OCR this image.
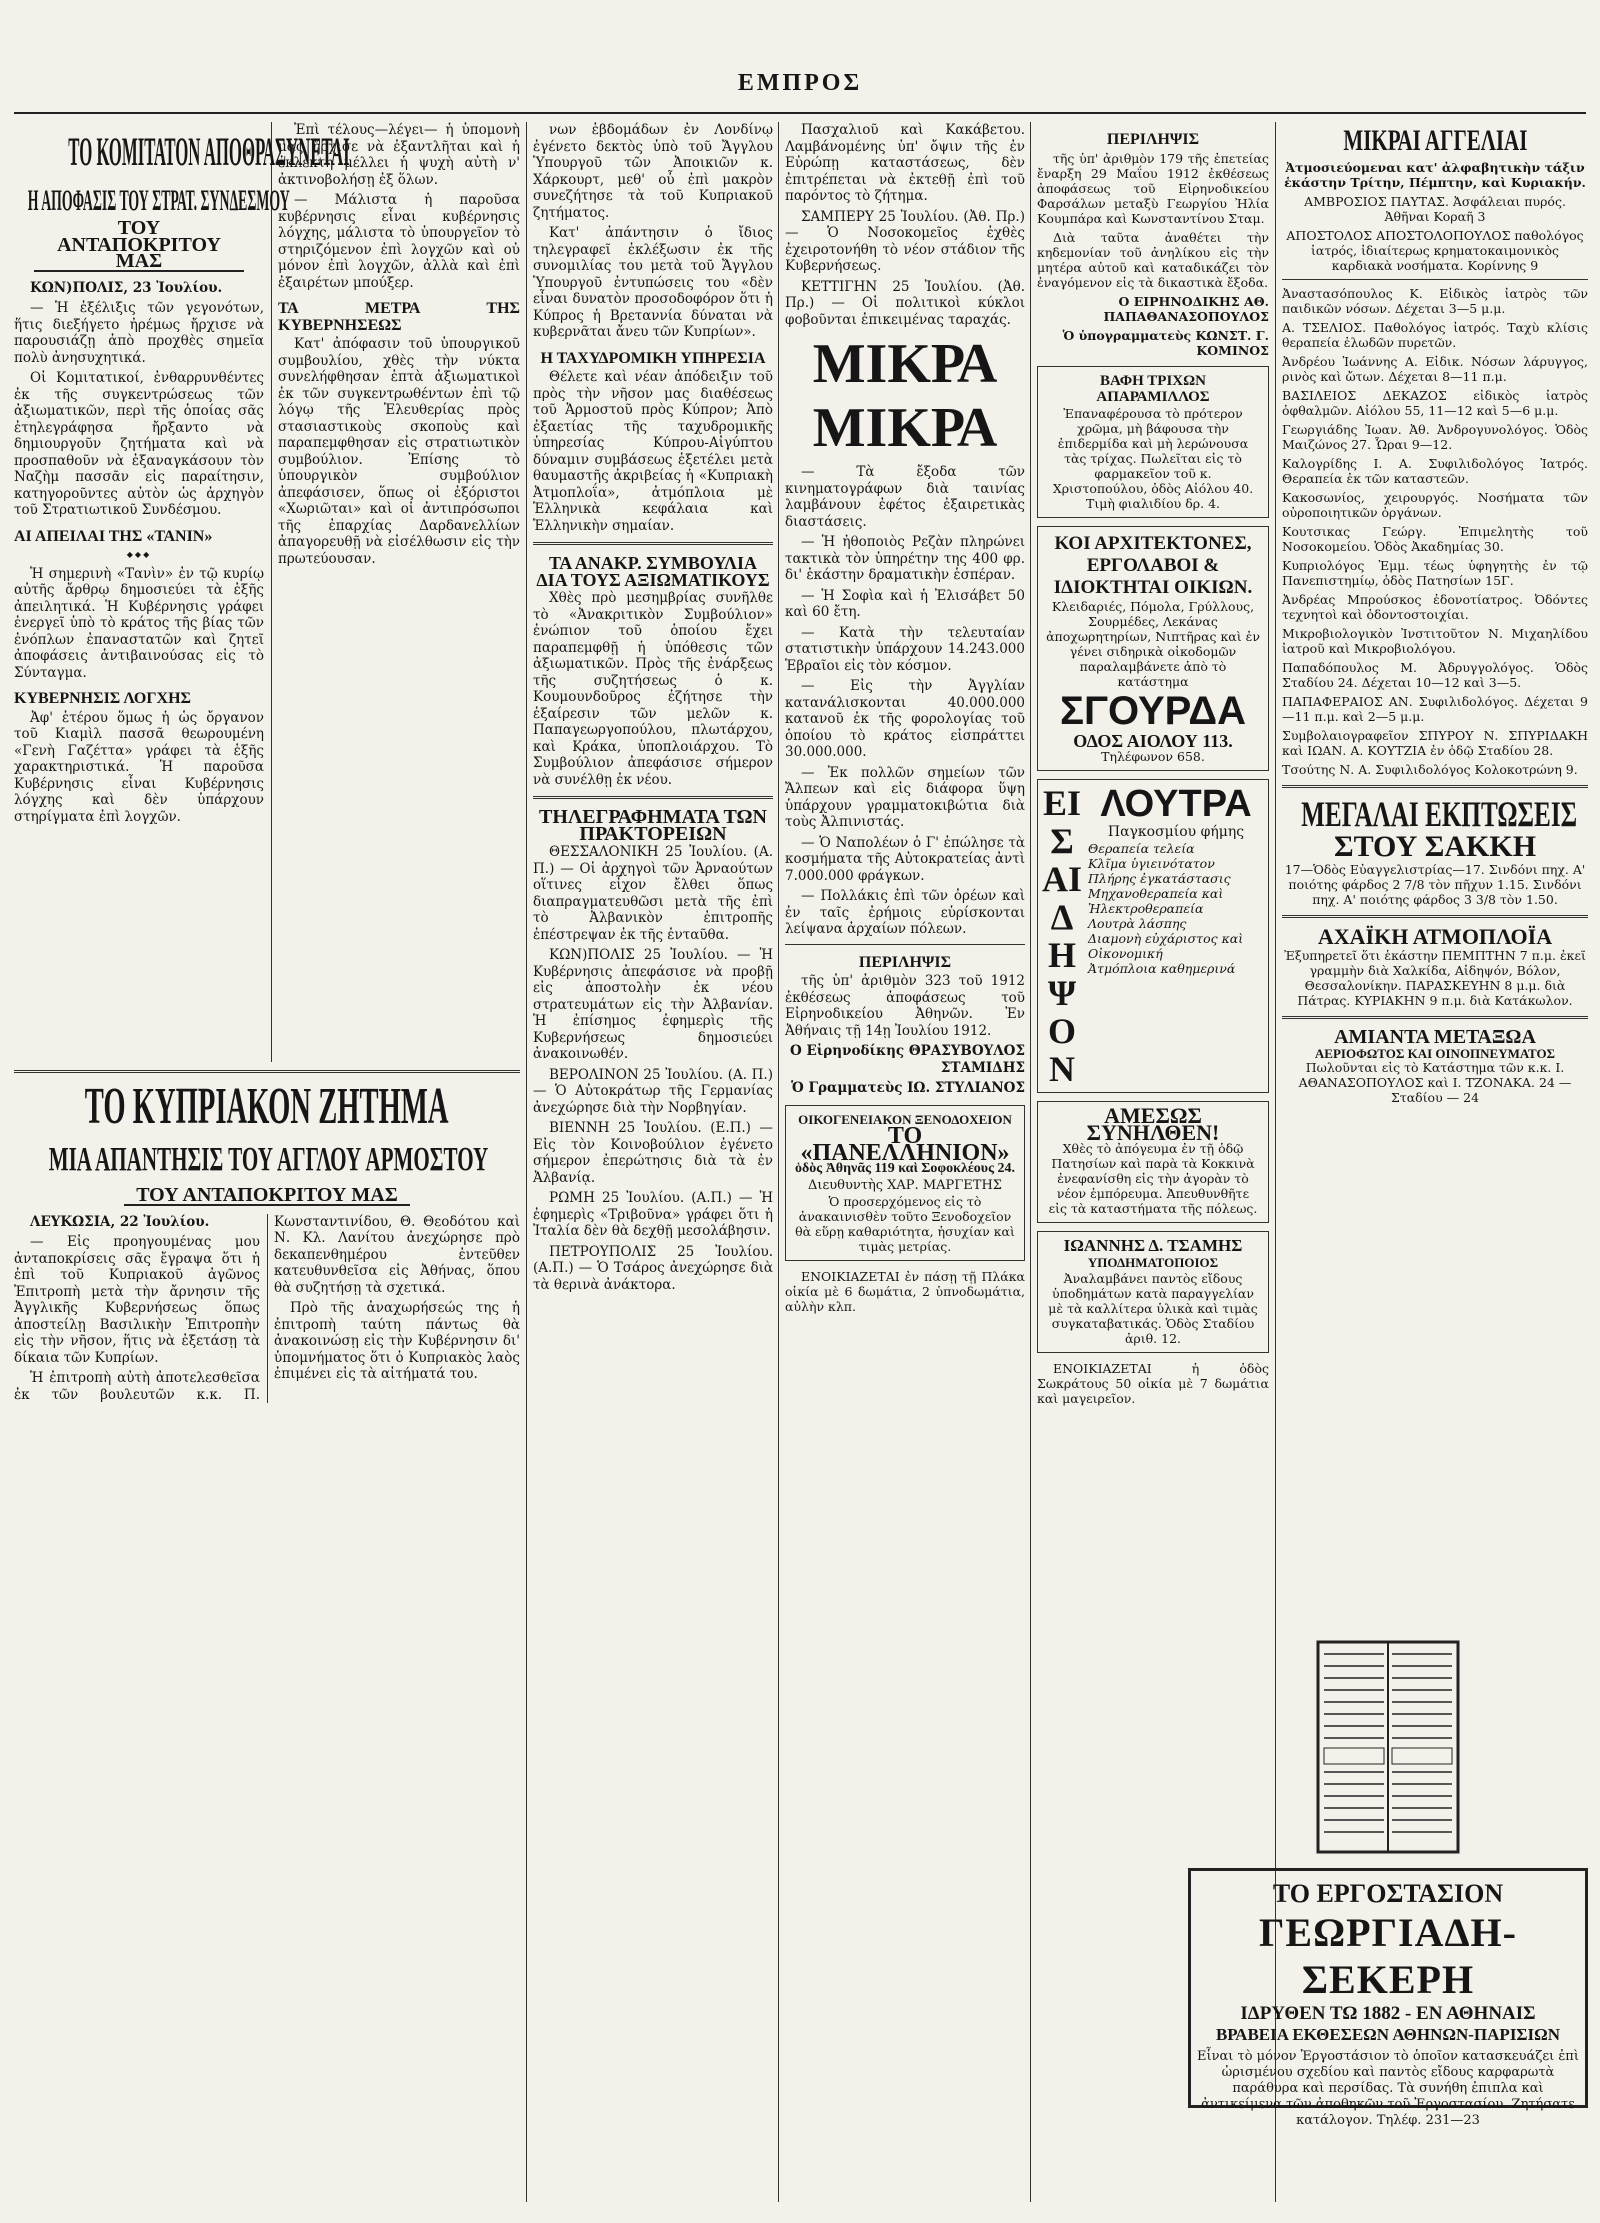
ΕΜΠΡΟΣ
ΤΟ ΚΟΜΙΤΑΤΟΝ ΑΠΟΘΡΑΣΥΝΕΤΑΙ
Η ΑΠΟΦΑΣΙΣ ΤΟΥ ΣΤΡΑΤ. ΣΥΝΔΕΣΜΟΥ
ΤΟΥ ΑΝΤΑΠΟΚΡΙΤΟΥ ΜΑΣ

ΚΩΝ)ΠΟΛΙΣ, 23 Ἰουλίου.

— Ἡ ἐξέλιξις τῶν γεγονότων, ἥτις διεξήγετο ἠρέμως ἤρχισε νὰ παρουσιάζῃ ἀπὸ προχθὲς σημεῖα πολὺ ἀνησυχητικά.

Οἱ Κομιτατικοί, ἐνθαρρυνθέντες ἐκ τῆς συγκεντρώσεως τῶν ἀξιωματικῶν, περὶ τῆς ὁποίας σᾶς ἐτηλεγράφησα ἤρξαντο νὰ δημιουργοῦν ζητήματα καὶ νὰ προσπαθοῦν νὰ ἐξαναγκάσουν τὸν Ναζὴμ πασσᾶν εἰς παραίτησιν, κατηγοροῦντες αὐτὸν ὡς ἀρχηγὸν τοῦ Στρατιωτικοῦ Συνδέσμου.

ΑΙ ΑΠΕΙΛΑΙ ΤΗΣ «ΤΑΝΙΝ»
◆◆◆

Ἡ σημερινὴ «Τανὶν» ἐν τῷ κυρίῳ αὐτῆς ἄρθρῳ δημοσιεύει τὰ ἑξῆς ἀπειλητικά. Ἡ Κυβέρνησις γράφει ἐνεργεῖ ὑπὸ τὸ κράτος τῆς βίας τῶν ἐνόπλων ἐπαναστατῶν καὶ ζητεῖ ἀποφάσεις ἀντιβαινούσας εἰς τὸ Σύνταγμα.

ΚΥΒΕΡΝΗΣΙΣ ΛΟΓΧΗΣ

Ἀφ' ἑτέρου ὅμως ἡ ὡς ὄργανον τοῦ Κιαμὶλ πασσᾶ θεωρουμένη «Γενὴ Γαζέττα» γράφει τὰ ἑξῆς χαρακτηριστικά. Ἡ παροῦσα Κυβέρνησις εἶναι Κυβέρνησις λόγχης καὶ δὲν ὑπάρχουν στηρίγματα ἐπὶ λογχῶν.

Ἐπὶ τέλους—λέγει— ἡ ὑπομονὴ μας ἤρχισε νὰ ἐξαντλῆται καὶ ἡ ἐκλέκτη μέλλει ἡ ψυχὴ αὐτὴ ν' ἀκτινοβολήσῃ ἐξ ὅλων.

— Μάλιστα ἡ παροῦσα κυβέρνησις εἶναι κυβέρνησις λόγχης, μάλιστα τὸ ὑπουργεῖον τὸ στηριζόμενον ἐπὶ λογχῶν καὶ οὐ μόνον ἐπὶ λογχῶν, ἀλλὰ καὶ ἐπὶ ἐξαιρέτων μπούξερ.

ΤΑ ΜΕΤΡΑ ΤΗΣ ΚΥΒΕΡΝΗΣΕΩΣ

Κατ' ἀπόφασιν τοῦ ὑπουργικοῦ συμβουλίου, χθὲς τὴν νύκτα συνελήφθησαν ἑπτὰ ἀξιωματικοὶ ἐκ τῶν συγκεντρωθέντων ἐπὶ τῷ λόγῳ τῆς Ἑλευθερίας πρὸς στασιαστικοὺς σκοποὺς καὶ παραπεμφθησαν εἰς στρατιωτικὸν συμβούλιον. Ἐπίσης τὸ ὑπουργικὸν συμβούλιον ἀπεφάσισεν, ὅπως οἱ ἐξόριστοι «Χωριῶται» καὶ οἱ ἀντιπρόσωποι τῆς ἐπαρχίας Δαρδανελλίων ἀπαγορευθῇ νὰ εἰσέλθωσιν εἰς τὴν πρωτεύουσαν.

ΤΟ ΚΥΠΡΙΑΚΟΝ ΖΗΤΗΜΑ
ΜΙΑ ΑΠΑΝΤΗΣΙΣ ΤΟΥ ΑΓΓΛΟΥ ΑΡΜΟΣΤΟΥ
ΤΟΥ ΑΝΤΑΠΟΚΡΙΤΟΥ ΜΑΣ

ΛΕΥΚΩΣΙΑ, 22 Ἰουλίου.

— Εἰς προηγουμένας μου ἀνταποκρίσεις σᾶς ἔγραψα ὅτι ἡ ἐπὶ τοῦ Κυπριακοῦ ἀγῶνος Ἐπιτροπὴ μετὰ τὴν ἄρνησιν τῆς Ἀγγλικῆς Κυβερνήσεως ὅπως ἀποστείλῃ Βασιλικὴν Ἐπιτροπὴν εἰς τὴν νῆσον, ἥτις νὰ ἐξετάσῃ τὰ δίκαια τῶν Κυπρίων.

Ἡ ἐπιτροπὴ αὐτὴ ἀποτελεσθεῖσα ἐκ τῶν βουλευτῶν κ.κ. Π. Κωνσταντινίδου, Θ. Θεοδότου καὶ Ν. Κλ. Λανίτου ἀνεχώρησε πρὸ δεκαπενθημέρου ἐντεῦθεν κατευθυνθεῖσα εἰς Ἀθήνας, ὅπου θὰ συζητήσῃ τὰ σχετικά.

Πρὸ τῆς ἀναχωρήσεώς της ἡ ἐπιτροπὴ ταύτη πάντως θὰ ἀνακοινώσῃ εἰς τὴν Κυβέρνησιν δι' ὑπομνήματος ὅτι ὁ Κυπριακὸς λαὸς ἐπιμένει εἰς τὰ αἰτήματά του.

νων ἑβδομάδων ἐν Λονδίνῳ ἐγένετο δεκτὸς ὑπὸ τοῦ Ἄγγλου Ὑπουργοῦ τῶν Ἀποικιῶν κ. Χάρκουρτ, μεθ' οὗ ἐπὶ μακρὸν συνεζήτησε τὰ τοῦ Κυπριακοῦ ζητήματος.

Κατ' ἀπάντησιν ὁ ἴδιος τηλεγραφεῖ ἐκλέξωσιν ἐκ τῆς συνομιλίας του μετὰ τοῦ Ἄγγλου Ὑπουργοῦ ἐντυπώσεις του «δὲν εἶναι δυνατὸν προσοδοφόρον ὅτι ἡ Κύπρος ἡ Βρεταννία δύναται νὰ κυβερνᾶται ἄνευ τῶν Κυπρίων».

Η ΤΑΧΥΔΡΟΜΙΚΗ ΥΠΗΡΕΣΙΑ

Θέλετε καὶ νέαν ἀπόδειξιν τοῦ πρὸς τὴν νῆσον μας διαθέσεως τοῦ Ἁρμοστοῦ πρὸς Κύπρον; Ἀπὸ ἐξαετίας τῆς ταχυδρομικῆς ὑπηρεσίας Κύπρου-Αἰγύπτου δύναμιν συμβάσεως ἐξετέλει μετὰ θαυμαστῆς ἀκριβείας ἡ «Κυπριακὴ Ἀτμοπλοΐα», ἀτμόπλοια μὲ Ἑλληνικὰ κεφάλαια καὶ Ἑλληνικὴν σημαίαν.

ΤΑ ΑΝΑΚΡ. ΣΥΜΒΟΥΛΙΑ ΔΙΑ ΤΟΥΣ ΑΞΙΩΜΑΤΙΚΟΥΣ

Χθὲς πρὸ μεσημβρίας συνῆλθε τὸ «Ἀνακριτικὸν Συμβούλιον» ἐνώπιον τοῦ ὁποίου ἔχει παραπεμφθῇ ἡ ὑπόθεσις τῶν ἀξιωματικῶν. Πρὸς τῆς ἐνάρξεως τῆς συζητήσεως ὁ κ. Κουμουνδοῦρος ἐζήτησε τὴν ἐξαίρεσιν τῶν μελῶν κ. Παπαγεωργοπούλου, πλωτάρχου, καὶ Κράκα, ὑποπλοιάρχου. Τὸ Συμβούλιον ἀπεφάσισε σήμερον νὰ συνέλθῃ ἐκ νέου.

ΤΗΛΕΓΡΑΦΗΜΑΤΑ ΤΩΝ ΠΡΑΚΤΟΡΕΙΩΝ

ΘΕΣΣΑΛΟΝΙΚΗ 25 Ἰουλίου. (Α. Π.) — Οἱ ἀρχηγοὶ τῶν Ἀρναούτων οἵτινες εἶχον ἔλθει ὅπως διαπραγματευθῶσι μετὰ τῆς ἐπὶ τὸ Ἀλβανικὸν ἐπιτροπῆς ἐπέστρεψαν ἐκ τῆς ἐνταῦθα.

ΚΩΝ)ΠΟΛΙΣ 25 Ἰουλίου. — Ἡ Κυβέρνησις ἀπεφάσισε νὰ προβῇ εἰς ἀποστολὴν ἐκ νέου στρατευμάτων εἰς τὴν Ἀλβανίαν. Ἡ ἐπίσημος ἐφημερὶς τῆς Κυβερνήσεως δημοσιεύει ἀνακοινωθέν.

ΒΕΡΟΛΙΝΟΝ 25 Ἰουλίου. (Α. Π.) — Ὁ Αὐτοκράτωρ τῆς Γερμανίας ἀνεχώρησε διὰ τὴν Νορβηγίαν.

ΒΙΕΝΝΗ 25 Ἰουλίου. (Ε.Π.) — Εἰς τὸν Κοινοβούλιον ἐγένετο σήμερον ἐπερώτησις διὰ τὰ ἐν Ἀλβανίᾳ.

ΡΩΜΗ 25 Ἰουλίου. (Α.Π.) — Ἡ ἐφημερὶς «Τριβοῦνα» γράφει ὅτι ἡ Ἰταλία δὲν θὰ δεχθῇ μεσολάβησιν.

ΠΕΤΡΟΥΠΟΛΙΣ 25 Ἰουλίου. (Α.Π.) — Ὁ Τσάρος ἀνεχώρησε διὰ τὰ θερινὰ ἀνάκτορα.

Πασχαλιοῦ καὶ Κακάβετου. Λαμβάνομένης ὑπ' ὄψιν τῆς ἐν Εὐρώπῃ καταστάσεως, δὲν ἐπιτρέπεται νὰ ἐκτεθῇ ἐπὶ τοῦ παρόντος τὸ ζήτημα.

ΣΑΜΠΕΡΥ 25 Ἰουλίου. (Ἀθ. Πρ.) — Ὁ Νοσοκομεῖος ἐχθὲς ἐχειροτονήθη τὸ νέον στάδιον τῆς Κυβερνήσεως.

ΚΕΤΤΙΓΗΝ 25 Ἰουλίου. (Ἀθ. Πρ.) — Οἱ πολιτικοὶ κύκλοι φοβοῦνται ἐπικειμένας ταραχάς.

ΜΙΚΡΑ
ΜΙΚΡΑ

— Τὰ ἔξοδα τῶν κινηματογράφων διὰ ταινίας λαμβάνουν ἐφέτος ἐξαιρετικὰς διαστάσεις.

— Ἡ ἠθοποιὸς Ρεζὰν πληρώνει τακτικὰ τὸν ὑπηρέτην της 400 φρ. δι' ἑκάστην δραματικὴν ἑσπέραν.

— Ἡ Σοφὶα καὶ ἡ Ἐλισάβετ 50 καὶ 60 ἔτη.

— Κατὰ τὴν τελευταίαν στατιστικὴν ὑπάρχουν 14.243.000 Ἑβραῖοι εἰς τὸν κόσμον.

— Εἰς τὴν Ἀγγλίαν κατανάλισκονται 40.000.000 κατανοῦ ἐκ τῆς φορολογίας τοῦ ὁποίου τὸ κράτος εἰσπράττει 30.000.000.

— Ἐκ πολλῶν σημείων τῶν Ἄλπεων καὶ εἰς διάφορα ὕψη ὑπάρχουν γραμματοκιβώτια διὰ τοὺς Ἀλπινιστάς.

— Ὁ Ναπολέων ὁ Γ' ἐπώλησε τὰ κοσμήματα τῆς Αὐτοκρατείας ἀντὶ 7.000.000 φράγκων.

— Πολλάκις ἐπὶ τῶν ὀρέων καὶ ἐν ταῖς ἐρήμοις εὑρίσκονται λείψανα ἀρχαίων πόλεων.

ΠΕΡΙΛΗΨΙΣ

τῆς ὑπ' ἀριθμὸν 323 τοῦ 1912 ἐκθέσεως ἀποφάσεως τοῦ Εἰρηνοδικείου Ἀθηνῶν. Ἐν Ἀθήναις τῇ 14ῃ Ἰουλίου 1912.

Ο Εἰρηνοδίκης ΘΡΑΣΥΒΟΥΛΟΣ ΣΤΑΜΙΔΗΣ
Ὁ Γραμματεὺς ΙΩ. ΣΤΥΛΙΑΝΟΣ
ΟΙΚΟΓΕΝΕΙΑΚΟΝ ΞΕΝΟΔΟΧΕΙΟΝ
ΤΟ «ΠΑΝΕΛΛΗΝΙΟΝ»
ὁδὸς Ἀθηνᾶς 119 καὶ Σοφοκλέους 24.
Διευθυντὴς ΧΑΡ. ΜΑΡΓΕΤΗΣ
Ὁ προσερχόμενος εἰς τὸ ἀνακαινισθὲν τοῦτο Ξενοδοχεῖον θὰ εὕρῃ καθαριότητα, ἡσυχίαν καὶ τιμὰς μετρίας.

ΕΝΟΙΚΙΑΖΕΤΑΙ ἐν πάσῃ τῇ Πλάκα οἰκία μὲ 6 δωμάτια, 2 ὑπνοδωμάτια, αὐλὴν κλπ.

ΠΕΡΙΛΗΨΙΣ

τῆς ὑπ' ἀριθμὸν 179 τῆς ἐπετείας ἔναρξη 29 Μαΐου 1912 ἐκθέσεως ἀποφάσεως τοῦ Εἰρηνοδικείου Φαρσάλων μεταξὺ Γεωργίου Ἠλία Κουμπάρα καὶ Κωνσταντίνου Σταμ.

Διὰ ταῦτα ἀναθέτει τὴν κηδεμονίαν τοῦ ἀνηλίκου εἰς τὴν μητέρα αὐτοῦ καὶ καταδικάζει τὸν ἐναγόμενον εἰς τὰ δικαστικὰ ἔξοδα.

Ο ΕΙΡΗΝΟΔΙΚΗΣ ΑΘ. ΠΑΠΑΘΑΝΑΣΟΠΟΥΛΟΣ
Ὁ ὑπογραμματεὺς ΚΩΝΣΤ. Γ. ΚΟΜΙΝΟΣ
ΒΑΦΗ ΤΡΙΧΩΝ ΑΠΑΡΑΜΙΛΛΟΣ
Ἐπαναφέρουσα τὸ πρότερον χρῶμα, μὴ βάφουσα τὴν ἐπιδερμίδα καὶ μὴ λερώνουσα τὰς τρίχας. Πωλεῖται εἰς τὸ φαρμακεῖον τοῦ κ. Χριστοπούλου, ὁδὸς Αἰόλου 40. Τιμὴ φιαλιδίου δρ. 4.
ΚΟΙ ΑΡΧΙΤΕΚΤΟΝΕΣ, ΕΡΓΟΛΑΒΟΙ & ΙΔΙΟΚΤΗΤΑΙ ΟΙΚΙΩΝ.
Κλειδαριές, Πόμολα, Γρύλλους, Σουρμέδες, Λεκάνας ἀποχωρητηρίων, Νιπτῆρας καὶ ἐν γένει σιδηρικὰ οἰκοδομῶν παραλαμβάνετε ἀπὸ τὸ κατάστημα
ΣΓΟΥΡΔΑ
ΟΔΟΣ ΑΙΟΛΟΥ 113.
Τηλέφωνον 658.
ΕΙΣ ΑΙΔΗΨΟΝ
ΛΟΥΤΡΑ
Παγκοσμίου φήμης
Θεραπεία τελεία
Κλῖμα ὑγιεινότατον
Πλήρης ἐγκατάστασις
Μηχανοθεραπεία καὶ Ἠλεκτροθεραπεία
Λουτρὰ λάσπης
Διαμονὴ εὐχάριστος καὶ Οἰκονομική
Ἀτμόπλοια καθημερινά
ΑΜΕΣΩΣ ΣΥΝΗΛΘΕΝ!
Χθὲς τὸ ἀπόγευμα ἐν τῇ ὁδῷ Πατησίων καὶ παρὰ τὰ Κοκκινὰ ἐνεφανίσθη εἰς τὴν ἀγορὰν τὸ νέον ἐμπόρευμα. Ἀπευθυνθῆτε εἰς τὰ καταστήματα τῆς πόλεως.
ΙΩΑΝΝΗΣ Δ. ΤΣΑΜΗΣ
ΥΠΟΔΗΜΑΤΟΠΟΙΟΣ
Ἀναλαμβάνει παντὸς εἴδους ὑποδημάτων κατὰ παραγγελίαν μὲ τὰ καλλίτερα ὑλικὰ καὶ τιμὰς συγκαταβατικάς. Ὁδὸς Σταδίου ἀριθ. 12.

ΕΝΟΙΚΙΑΖΕΤΑΙ ἡ ὁδὸς Σωκράτους 50 οἰκία μὲ 7 δωμάτια καὶ μαγειρεῖον.

ΜΙΚΡΑΙ ΑΓΓΕΛΙΑΙ

Ἀτμοσιεύομεναι κατ' ἀλφαβητικὴν τάξιν ἑκάστην Τρίτην, Πέμπτην, καὶ Κυριακήν.

ΑΜΒΡΟΣΙΟΣ ΠΑΥΤΑΣ. Ἀσφάλειαι πυρός. Ἀθῆναι Κοραῆ 3

ΑΠΟΣΤΟΛΟΣ ΑΠΟΣΤΟΛΟΠΟΥΛΟΣ παθολόγος ἰατρός, ἰδιαίτερως κρηματοκαιμονικὸς καρδιακὰ νοσήματα. Κορίννης 9

Ἀναστασόπουλος Κ. Εἰδικὸς ἰατρὸς τῶν παιδικῶν νόσων. Δέχεται 3—5 μ.μ.
Α. ΤΣΕΛΙΟΣ. Παθολόγος ἰατρός. Ταχὺ κλίσις θεραπεία ἐλωδῶν πυρετῶν.
Ἀνδρέου Ἰωάννης Α. Εἰδικ. Νόσων λάρυγγος, ρινὸς καὶ ὤτων. Δέχεται 8—11 π.μ.
ΒΑΣΙΛΕΙΟΣ ΔΕΚΑΖΟΣ εἰδικὸς ἰατρὸς ὀφθαλμῶν. Αἰόλου 55, 11—12 καὶ 5—6 μ.μ.
Γεωργιάδης Ἰωαν. Ἀθ. Ἀνδρογυνολόγος. Ὁδὸς Μαιζώνος 27. Ὧραι 9—12.
Καλογρίδης Ι. Α. Συφιλιδολόγος Ἰατρός. Θεραπεία ἐκ τῶν καταστεῶν.
Κακοσωνίος, χειρουργός. Νοσήματα τῶν οὐροποιητικῶν ὀργάνων.
Κουτσικας Γεώργ. Ἐπιμελητὴς τοῦ Νοσοκομείου. Ὁδὸς Ἀκαδημίας 30.
Κυπριολόγος Ἐμμ. τέως ὑφηγητὴς ἐν τῷ Πανεπιστημίῳ, ὁδὸς Πατησίων 15Γ.
Ἀνδρέας Μπρούσκος ἐδονοτίατρος. Ὀδόντες τεχνητοὶ καὶ ὀδοντοστοιχίαι.
Μικροβιολογικὸν Ἰνστιτοῦτον Ν. Μιχαηλίδου ἰατροῦ καὶ Μικροβιολόγου.
Παπαδόπουλος Μ. Ἀδρυγγολόγος. Ὁδὸς Σταδίου 24. Δέχεται 10—12 καὶ 3—5.
ΠΑΠΑΦΕΡΑΙΟΣ ΑΝ. Συφιλιδολόγος. Δέχεται 9—11 π.μ. καὶ 2—5 μ.μ.
Συμβολαιογραφεῖον ΣΠΥΡΟΥ Ν. ΣΠΥΡΙΔΑΚΗ καὶ ΙΩΑΝ. Α. ΚΟΥΤΖΙΑ ἐν ὁδῷ Σταδίου 28.
Τσούτης Ν. Α. Συφιλιδολόγος Κολοκοτρώνη 9.
ΜΕΓΑΛΑΙ ΕΚΠΤΩΣΕΙΣ
ΣΤΟΥ ΣΑΚΚΗ

17—Ὁδὸς Εὐαγγελιστρίας—17. Σινδόνι πηχ. Α' ποιότης φάρδος 2 7/8 τὸν πῆχυν 1.15. Σινδόνι πηχ. Α' ποιότης φάρδος 3 3/8 τὸν 1.50.

ΑΧΑΪΚΗ ΑΤΜΟΠΛΟΪΑ

Ἐξυπηρετεῖ ὅτι ἑκάστην ΠΕΜΠΤΗΝ 7 π.μ. ἐκεῖ γραμμὴν διὰ Χαλκίδα, Αἰδηψόν, Βόλον, Θεσσαλονίκην. ΠΑΡΑΣΚΕΥΗΝ 8 μ.μ. διὰ Πάτρας. ΚΥΡΙΑΚΗΝ 9 π.μ. διὰ Κατάκωλον.

ΑΜΙΑΝΤΑ ΜΕΤΑΞΩΑ
ΑΕΡΙΟΦΩΤΟΣ ΚΑΙ ΟΙΝΟΠΝΕΥΜΑΤΟΣ

Πωλοῦνται εἰς τὸ Κατάστημα τῶν κ.κ. Ι. ΑΘΑΝΑΣΟΠΟΥΛΟΣ καὶ Ι. ΤΖΟΝΑΚΑ. 24 — Σταδίου — 24

ΤΟ ΕΡΓΟΣΤΑΣΙΟΝ
ΓΕΩΡΓΙΑΔΗ-ΣΕΚΕΡΗ
ΙΔΡΥΘΕΝ ΤΩ 1882 - ΕΝ ΑΘΗΝΑΙΣ
ΒΡΑΒΕΙΑ ΕΚΘΕΣΕΩΝ ΑΘΗΝΩΝ-ΠΑΡΙΣΙΩΝ
Εἶναι τὸ μόνον Ἐργοστάσιον τὸ ὁποῖον κατασκευάζει ἐπὶ ὡρισμένου σχεδίου καὶ παντὸς εἴδους καρφαρωτὰ παράθυρα καὶ περσίδας. Τὰ συνήθη ἐπιπλα καὶ ἀντικείμενα τῶν ἀποθηκῶν τοῦ Ἐργοστασίου. Ζητήσατε κατάλογον. Τηλέφ. 231—23
